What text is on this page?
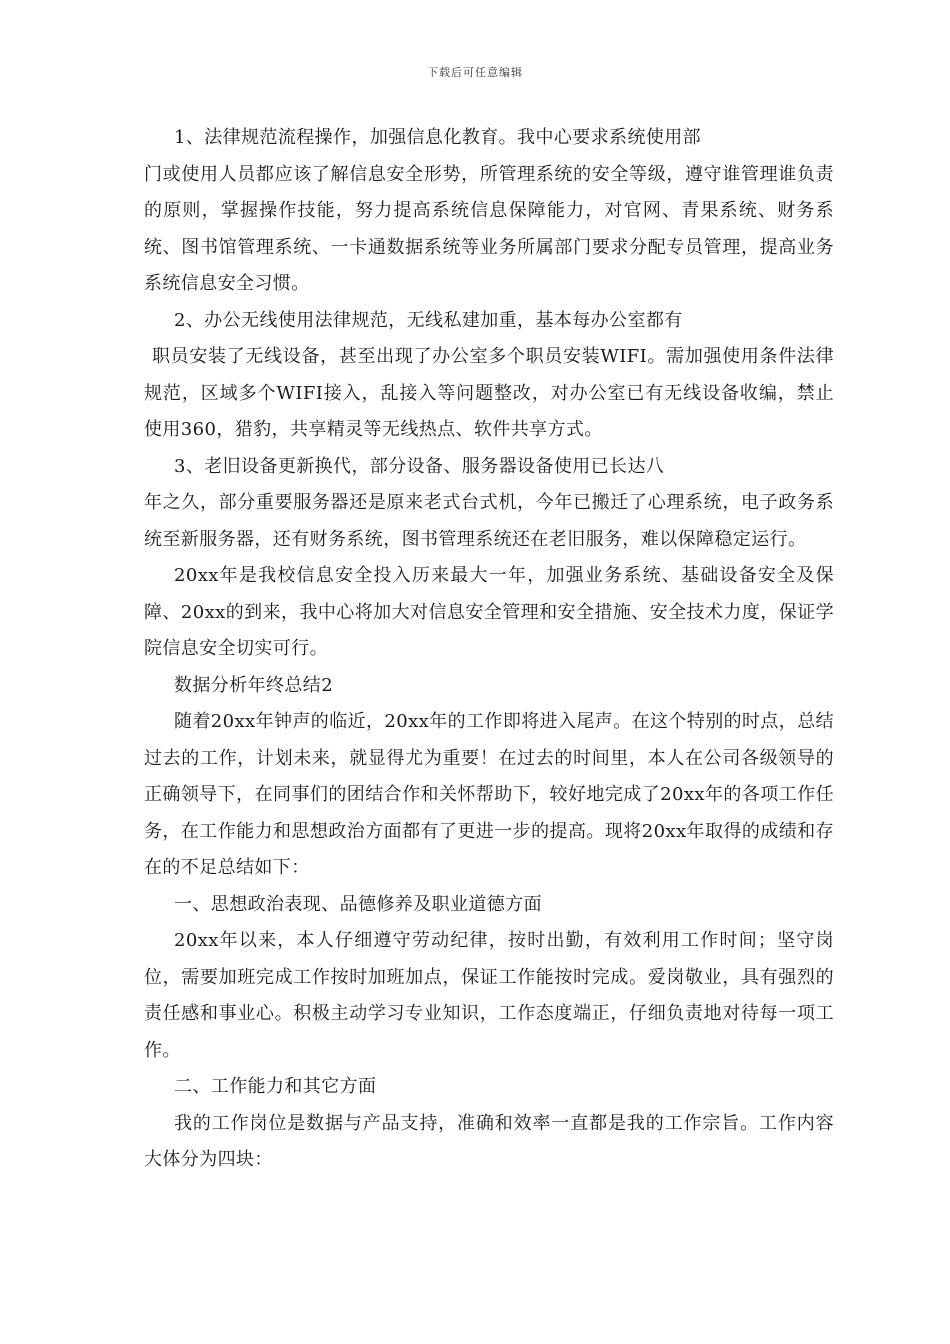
下载后可任意编辑

1、法律规范流程操作，加强信息化教育。我中心要求系统使用部

门或使用人员都应该了解信息安全形势，所管理系统的安全等级，遵守谁管理谁负责的原则，掌握操作技能，努力提高系统信息保障能力，对官网、青果系统、财务系统、图书馆管理系统、一卡通数据系统等业务所属部门要求分配专员管理，提高业务系统信息安全习惯。

2、办公无线使用法律规范，无线私建加重，基本每办公室都有

职员安装了无线设备，甚至出现了办公室多个职员安装WIFI。需加强使用条件法律规范，区域多个WIFI接入，乱接入等问题整改，对办公室已有无线设备收编，禁止使用360，猎豹，共享精灵等无线热点、软件共享方式。

3、老旧设备更新换代，部分设备、服务器设备使用已长达八

年之久，部分重要服务器还是原来老式台式机，今年已搬迁了心理系统，电子政务系统至新服务器，还有财务系统，图书管理系统还在老旧服务，难以保障稳定运行。

20xx年是我校信息安全投入历来最大一年，加强业务系统、基础设备安全及保障、20xx的到来，我中心将加大对信息安全管理和安全措施、安全技术力度，保证学院信息安全切实可行。

数据分析年终总结2

随着20xx年钟声的临近，20xx年的工作即将进入尾声。在这个特别的时点，总结过去的工作，计划未来，就显得尤为重要！在过去的时间里，本人在公司各级领导的正确领导下，在同事们的团结合作和关怀帮助下，较好地完成了20xx年的各项工作任务，在工作能力和思想政治方面都有了更进一步的提高。现将20xx年取得的成绩和存在的不足总结如下：

一、思想政治表现、品德修养及职业道德方面

20xx年以来，本人仔细遵守劳动纪律，按时出勤，有效利用工作时间；坚守岗位，需要加班完成工作按时加班加点，保证工作能按时完成。爱岗敬业，具有强烈的责任感和事业心。积极主动学习专业知识，工作态度端正，仔细负责地对待每一项工作。

二、工作能力和其它方面

我的工作岗位是数据与产品支持，准确和效率一直都是我的工作宗旨。工作内容大体分为四块：
